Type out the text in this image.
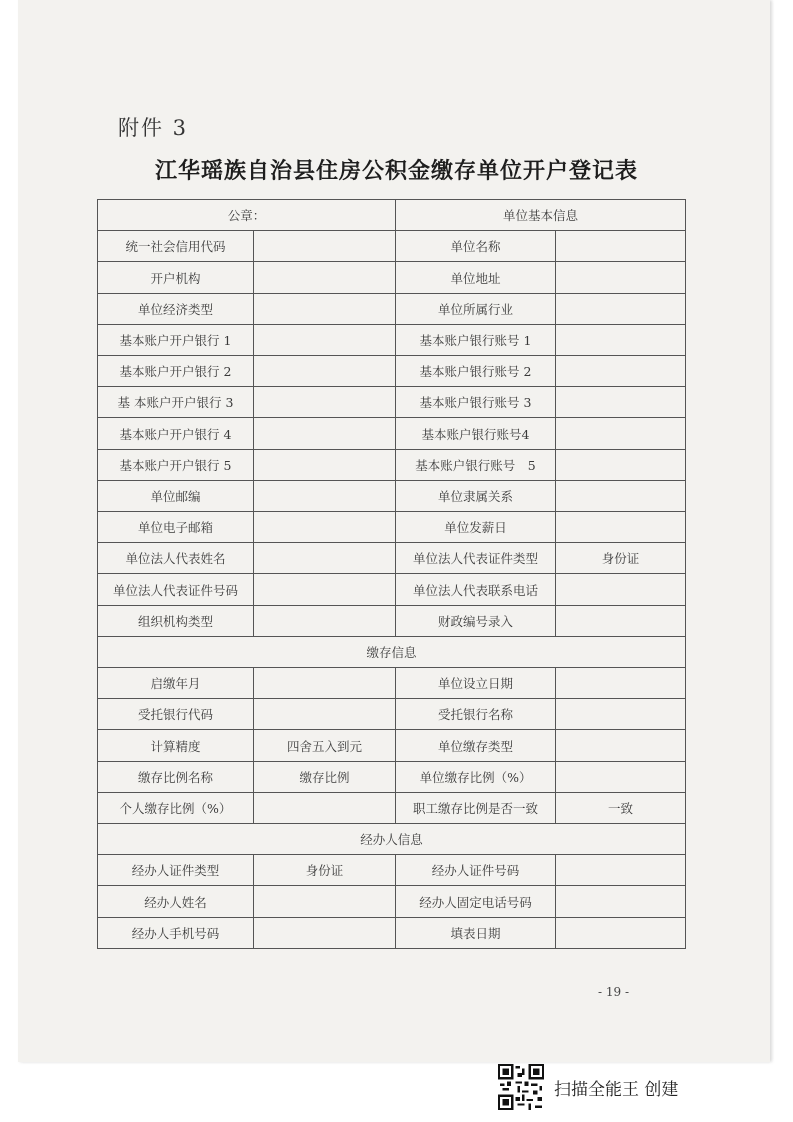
附件 3
江华瑶族自治县住房公积金缴存单位开户登记表
公章：		单位基本信息	
统一社会信用代码		单位名称	
开户机构		单位地址	
单位经济类型		单位所属行业	
基本账户开户银行 1		基本账户银行账号 1	
基本账户开户银行 2		基本账户银行账号 2	
基 本账户开户银行 3		基本账户银行账号 3	
基本账户开户银行 4		基本账户银行账号4	
基本账户开户银行 5		基本账户银行账号　5	
单位邮编		单位隶属关系	
单位电子邮箱		单位发薪日	
单位法人代表姓名		单位法人代表证件类型	身份证
单位法人代表证件号码		单位法人代表联系电话	
组织机构类型		财政编号录入	
缴存信息			
启缴年月		单位设立日期	
受托银行代码		受托银行名称	
计算精度	四舍五入到元	单位缴存类型	
缴存比例名称	缴存比例	单位缴存比例（%）	
个人缴存比例（%）		职工缴存比例是否一致	一致
经办人信息			
经办人证件类型	身份证	经办人证件号码	
经办人姓名		经办人固定电话号码	
经办人手机号码		填表日期	
- 19 -
扫描全能王 创建
